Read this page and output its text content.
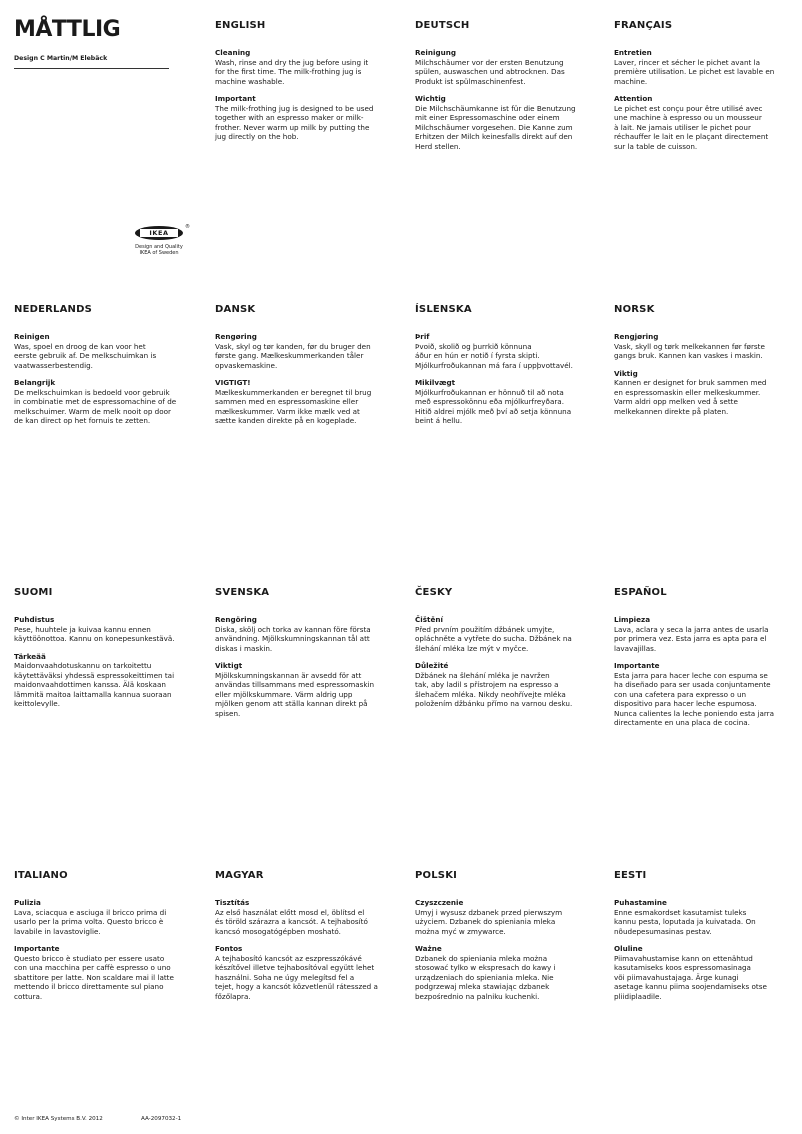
MÅTTLIG
Design C Martin/M Elebäck
IKEA
®
Design and Quality
IKEA of Sweden
ENGLISH
Cleaning
Wash, rinse and dry the jug before using it
for the first time. The milk-frothing jug is
machine washable.
Important
The milk-frothing jug is designed to be used
together with an espresso maker or milk-
frother. Never warm up milk by putting the
jug directly on the hob.
DEUTSCH
Reinigung
Milchschäumer vor der ersten Benutzung
spülen, auswaschen und abtrocknen. Das
Produkt ist spülmaschinenfest.
Wichtig
Die Milchschäumkanne ist für die Benutzung
mit einer Espressomaschine oder einem
Milchschäumer vorgesehen. Die Kanne zum
Erhitzen der Milch keinesfalls direkt auf den
Herd stellen.
FRANÇAIS
Entretien
Laver, rincer et sécher le pichet avant la
première utilisation. Le pichet est lavable en
machine.
Attention
Le pichet est conçu pour être utilisé avec
une machine à espresso ou un mousseur
à lait. Ne jamais utiliser le pichet pour
réchauffer le lait en le plaçant directement
sur la table de cuisson.
NEDERLANDS
Reinigen
Was, spoel en droog de kan voor het
eerste gebruik af. De melkschuimkan is
vaatwasserbestendig.
Belangrijk
De melkschuimkan is bedoeld voor gebruik
in combinatie met de espressomachine of de
melkschuimer. Warm de melk nooit op door
de kan direct op het fornuis te zetten.
DANSK
Rengøring
Vask, skyl og tør kanden, før du bruger den
første gang. Mælkeskummerkanden tåler
opvaskemaskine.
VIGTIGT!
Mælkeskummerkanden er beregnet til brug
sammen med en espressomaskine eller
mælkeskummer. Varm ikke mælk ved at
sætte kanden direkte på en kogeplade.
ÍSLENSKA
Þrif
Þvoið, skolið og þurrkið könnuna
áður en hún er notið í fyrsta skipti.
Mjólkurfroðukannan má fara í uppþvottavél.
Mikilvægt
Mjólkurfroðukannan er hönnuð til að nota
með espressokönnu eða mjólkurfreyðara.
Hitið aldrei mjólk með því að setja könnuna
beint á hellu.
NORSK
Rengjøring
Vask, skyll og tørk melkekannen før første
gangs bruk. Kannen kan vaskes i maskin.
Viktig
Kannen er designet for bruk sammen med
en espressomaskin eller melkeskummer.
Varm aldri opp melken ved å sette
melkekannen direkte på platen.
SUOMI
Puhdistus
Pese, huuhtele ja kuivaa kannu ennen
käyttöönottoa. Kannu on konepesunkestävä.
Tärkeää
Maidonvaahdotuskannu on tarkoitettu
käytettäväksi yhdessä espressokeittimen tai
maidonvaahdottimen kanssa. Älä koskaan
lämmitä maitoa laittamalla kannua suoraan
keittolevylle.
SVENSKA
Rengöring
Diska, skölj och torka av kannan före första
användning. Mjölkskumningskannan tål att
diskas i maskin.
Viktigt
Mjölkskumningskannan är avsedd för att
användas tillsammans med espressomaskin
eller mjölkskummare. Värm aldrig upp
mjölken genom att ställa kannan direkt på
spisen.
ČESKY
Čištění
Před prvním použitím džbánek umyjte,
opláchněte a vytřete do sucha. Džbánek na
šlehání mléka lze mýt v myčce.
Důležité
Džbánek na šlehání mléka je navržen
tak, aby ladil s přístrojem na espresso a
šlehačem mléka. Nikdy neohřívejte mléka
položením džbánku přímo na varnou desku.
ESPAÑOL
Limpieza
Lava, aclara y seca la jarra antes de usarla
por primera vez. Esta jarra es apta para el
lavavajillas.
Importante
Esta jarra para hacer leche con espuma se
ha diseñado para ser usada conjuntamente
con una cafetera para expresso o un
dispositivo para hacer leche espumosa.
Nunca calientes la leche poniendo esta jarra
directamente en una placa de cocina.
ITALIANO
Pulizia
Lava, sciacqua e asciuga il bricco prima di
usarlo per la prima volta. Questo bricco è
lavabile in lavastoviglie.
Importante
Questo bricco è studiato per essere usato
con una macchina per caffè espresso o uno
sbattitore per latte. Non scaldare mai il latte
mettendo il bricco direttamente sul piano
cottura.
MAGYAR
Tisztítás
Az első használat előtt mosd el, öblítsd el
és töröld szárazra a kancsót. A tejhabosító
kancsó mosogatógépben mosható.
Fontos
A tejhabosító kancsót az eszpresszókávé
készítővel illetve tejhabosítóval együtt lehet
használni. Soha ne úgy melegítsd fel a
tejet, hogy a kancsót közvetlenül rátesszed a
főzőlapra.
POLSKI
Czyszczenie
Umyj i wysusz dzbanek przed pierwszym
użyciem. Dzbanek do spieniania mleka
można myć w zmywarce.
Ważne
Dzbanek do spieniania mleka można
stosować tylko w ekspresach do kawy i
urządzeniach do spieniania mleka. Nie
podgrzewaj mleka stawiając dzbanek
bezpośrednio na palniku kuchenki.
EESTI
Puhastamine
Enne esmakordset kasutamist tuleks
kannu pesta, loputada ja kuivatada. On
nõudepesumasinas pestav.
Oluline
Piimavahustamise kann on ettenähtud
kasutamiseks koos espressomasinaga
või piimavahustajaga. Ärge kunagi
asetage kannu piima soojendamiseks otse
pliidiplaadile.
© Inter IKEA Systems B.V. 2012	AA-2097032-1
